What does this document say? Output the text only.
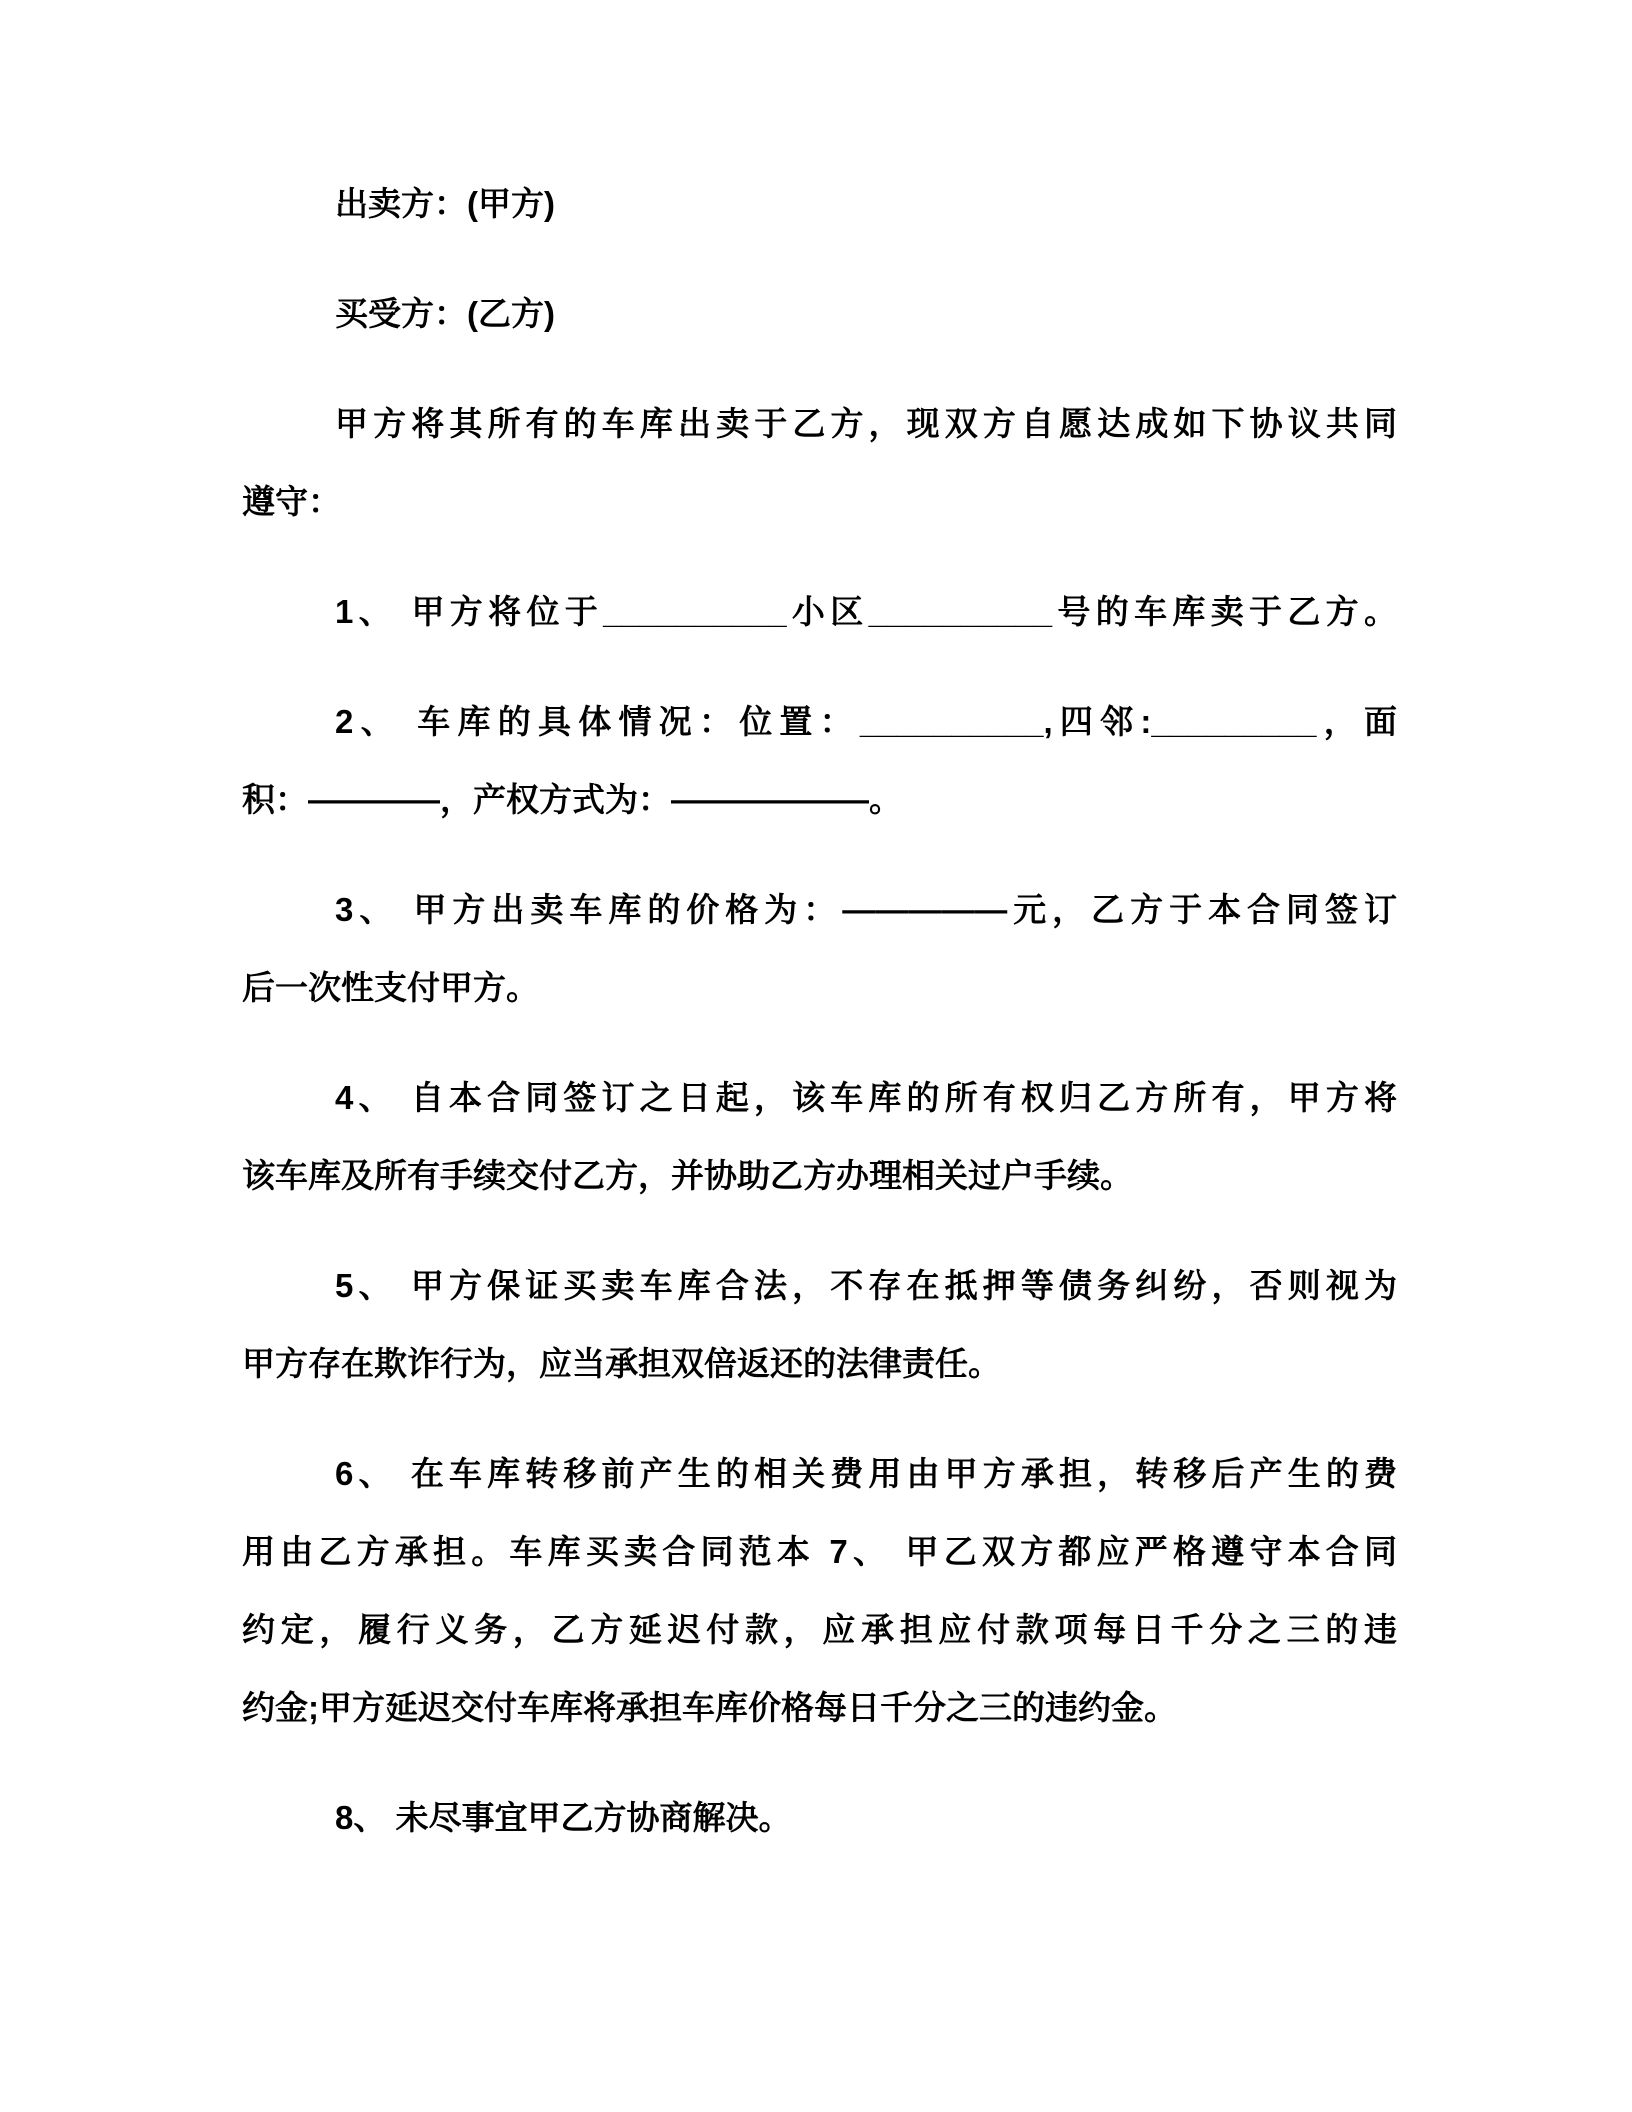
出卖方：(甲方)
买受方：(乙方)
甲方将其所有的车库出卖于乙方，现双方自愿达成如下协议共同
遵守：
1、 甲方将位于__________小区__________号的车库卖于乙方。
2、 车库的具体情况：位置：__________,四邻:_________，面
积：————，产权方式为：——————。
3、 甲方出卖车库的价格为：—————元，乙方于本合同签订
后一次性支付甲方。
4、 自本合同签订之日起，该车库的所有权归乙方所有，甲方将
该车库及所有手续交付乙方，并协助乙方办理相关过户手续。
5、 甲方保证买卖车库合法，不存在抵押等债务纠纷，否则视为
甲方存在欺诈行为，应当承担双倍返还的法律责任。
6、 在车库转移前产生的相关费用由甲方承担，转移后产生的费
用由乙方承担。车库买卖合同范本 7、 甲乙双方都应严格遵守本合同
约定，履行义务，乙方延迟付款，应承担应付款项每日千分之三的违
约金;甲方延迟交付车库将承担车库价格每日千分之三的违约金。
8、 未尽事宜甲乙方协商解决。
